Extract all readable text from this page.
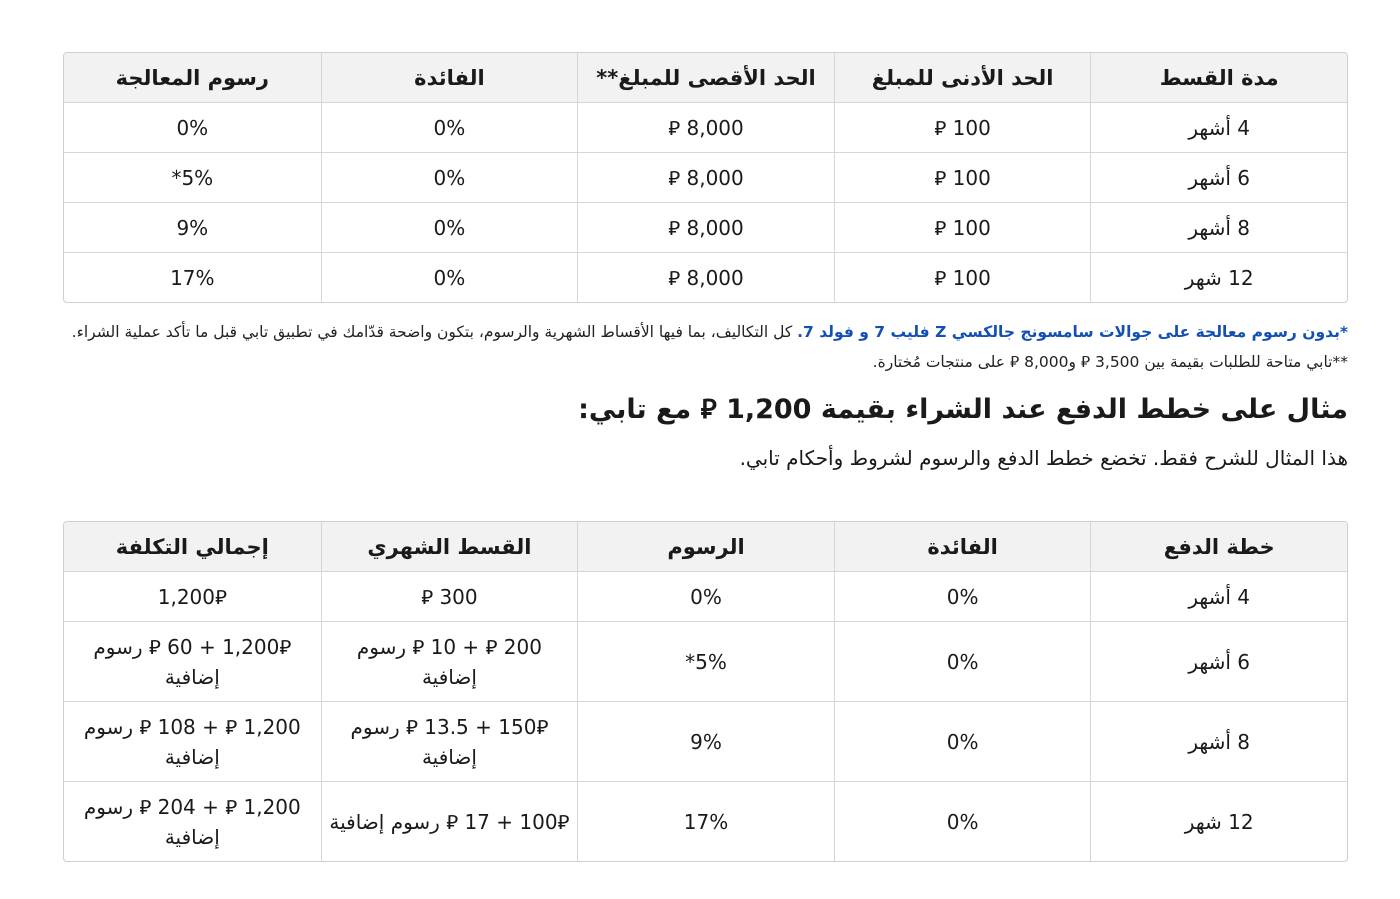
مدة القسط	الحد الأدنى للمبلغ	الحد الأقصى للمبلغ**	الفائدة	رسوم المعالجة
4 أشهر	100 ⃁	8,000 ⃁	0%	0%
6 أشهر	100 ⃁	8,000 ⃁	0%	5%*
8 أشهر	100 ⃁	8,000 ⃁	0%	9%
12 شهر	100 ⃁	8,000 ⃁	0%	17%

*بدون رسوم معالجة على جوالات سامسونج جالكسي Z فليب 7 و فولد 7. كل التكاليف، بما فيها الأقساط الشهرية والرسوم، بتكون واضحة قدّامك في تطبيق تابي قبل ما تأكد عملية الشراء.

**تابي متاحة للطلبات بقيمة بين 3,500 ⃁ و8,000 ⃁ على منتجات مُختارة.

مثال على خطط الدفع عند الشراء بقيمة 1,200 ⃁ مع تابي:

هذا المثال للشرح فقط. تخضع خطط الدفع والرسوم لشروط وأحكام تابي.

خطة الدفع	الفائدة	الرسوم	القسط الشهري	إجمالي التكلفة
4 أشهر	0%	0%	300 ⃁	1,200⃁
6 أشهر	0%	5%*	200 ⃁ + 10 ⃁ رسوم إضافية	1,200⃁ + 60 ⃁ رسوم إضافية
8 أشهر	0%	9%	150⃁ + 13.5 ⃁ رسوم إضافية	1,200 ⃁ + 108 ⃁ رسوم إضافية
12 شهر	0%	17%	100⃁ + 17 ⃁ رسوم إضافية	1,200 ⃁ + 204 ⃁ رسوم إضافية
